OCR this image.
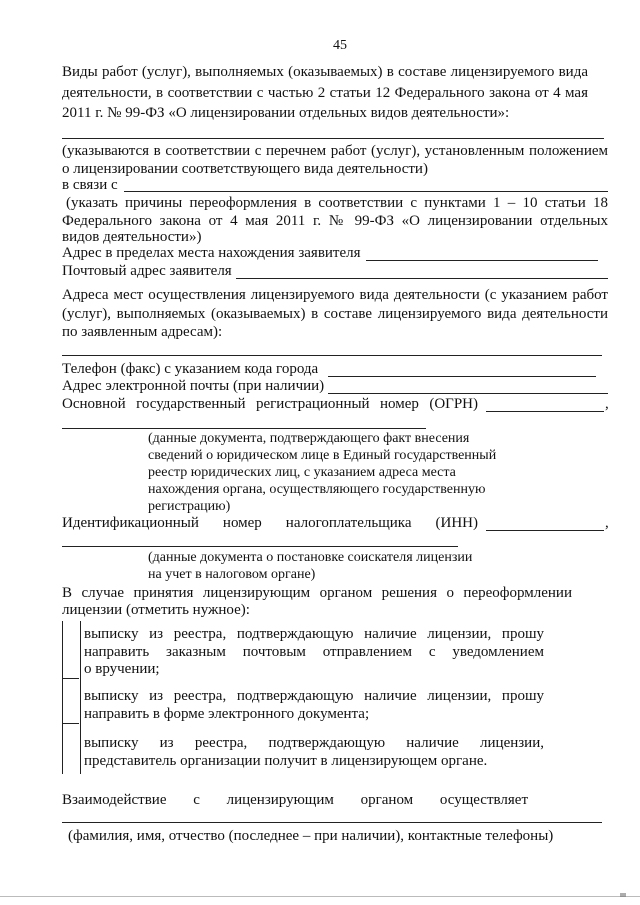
45
Виды работ (услуг), выполняемых (оказываемых) в составе лицензируемого вида
деятельности, в соответствии с частью 2 статьи 12 Федерального закона от 4 мая
2011 г. № 99-ФЗ «О лицензировании отдельных видов деятельности»:
(указываются в соответствии с перечнем работ (услуг), установленным положением
о лицензировании соответствующего вида деятельности)
в связи с
(указать причины переоформления в соответствии с пунктами 1 – 10 статьи 18
Федерального закона от 4 мая 2011 г. № 99-ФЗ «О лицензировании отдельных
видов деятельности»)
Адрес в пределах места нахождения заявителя
Почтовый адрес заявителя
Адреса мест осуществления лицензируемого вида деятельности (с указанием работ
(услуг), выполняемых (оказываемых) в составе лицензируемого вида деятельности
по заявленным адресам):
Телефон (факс) с указанием кода города
Адрес электронной почты (при наличии)
Основной государственный регистрационный номер (ОГРН)	,
(данные документа, подтверждающего факт внесения
сведений о юридическом лице в Единый государственный
реестр юридических лиц, с указанием адреса места
нахождения органа, осуществляющего государственную
регистрацию)
Идентификационный номер налогоплательщика (ИНН)	,
(данные документа о постановке соискателя лицензии
на учет в налоговом органе)
В случае принятия лицензирующим органом решения о переоформлении
лицензии (отметить нужное):
выписку из реестра, подтверждающую наличие лицензии, прошу
направить заказным почтовым отправлением с уведомлением
о вручении;
выписку из реестра, подтверждающую наличие лицензии, прошу
направить в форме электронного документа;
выписку из реестра, подтверждающую наличие лицензии,
представитель организации получит в лицензирующем органе.
Взаимодействие с лицензирующим органом осуществляет
(фамилия, имя, отчество (последнее – при наличии), контактные телефоны)
